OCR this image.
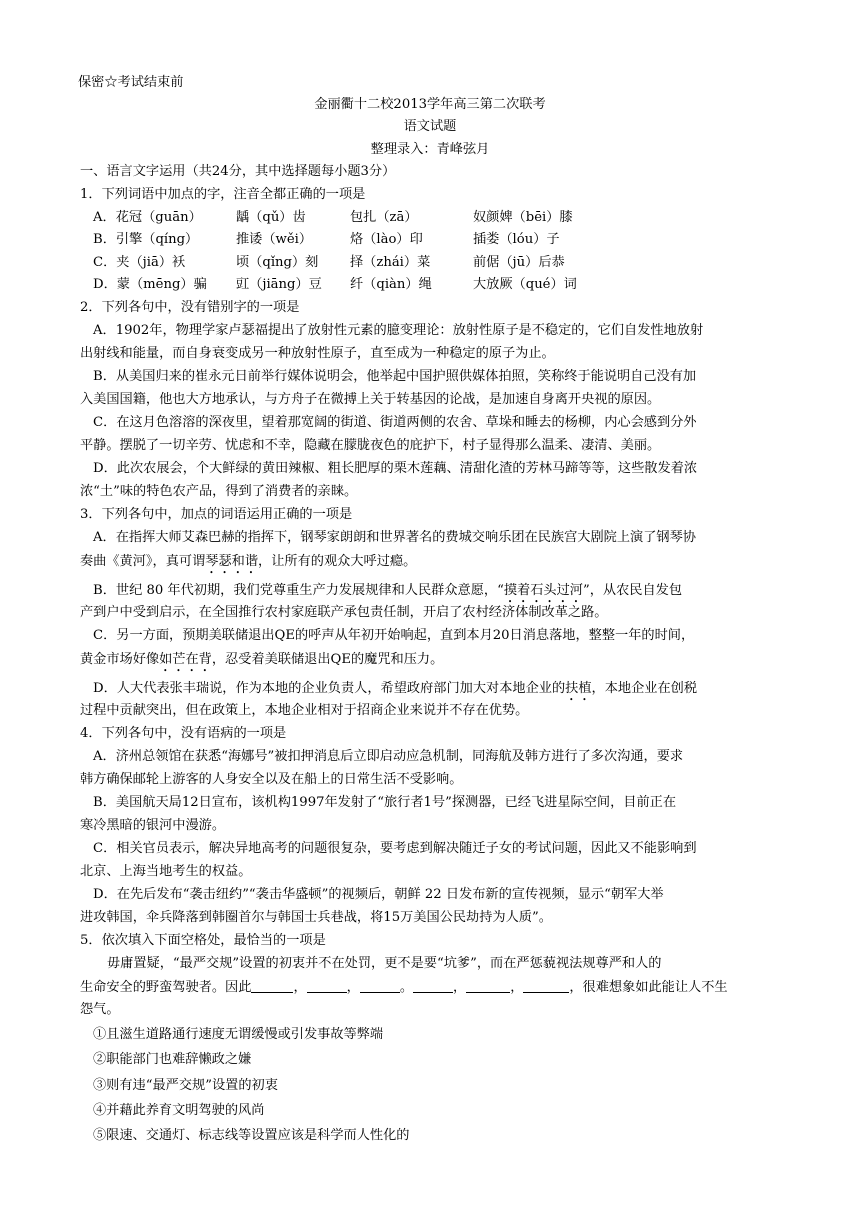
保密☆考试结束前
金丽衢十二校2013学年高三第二次联考
语文试题
整理录入：青峰弦月
一、语言文字运用（共24分，其中选择题每小题3分）
1．下列词语中加点的字，注音全都正确的一项是
A．花冠（guān）	龋（qǔ）齿	包扎（zā）	奴颜婢（bēi）膝
B．引擎（qíng）	推诿（wěi）	烙（lào）印	插娄（lóu）子
C．夹（jiā）袄	顷（qǐng）刻 择（zhái）菜	前倨（jū）后恭
D．蒙（mēng）骗 豇（jiāng）豆 纤（qiàn）绳	大放厥（qué）词
2．下列各句中，没有错别字的一项是
A．1902年，物理学家卢瑟福提出了放射性元素的臆变理论：放射性原子是不稳定的，它们自发性地放射
出射线和能量，而自身衰变成另一种放射性原子，直至成为一种稳定的原子为止。
B．从美国归来的崔永元日前举行媒体说明会，他举起中国护照供媒体拍照，笑称终于能说明自己没有加
入美国国籍，他也大方地承认，与方舟子在微搏上关于转基因的论战，是加速自身离开央视的原因。
C．在这月色溶溶的深夜里，望着那宽阔的街道、街道两侧的农舍、草垛和睡去的杨柳，内心会感到分外
平静。摆脱了一切辛劳、忧虑和不幸，隐藏在朦胧夜色的庇护下，村子显得那么温柔、凄清、美丽。
D．此次农展会，个大鲜绿的黄田辣椒、粗长肥厚的栗木莲藕、清甜化渣的芳林马蹄等等，这些散发着浓
浓“土”味的特色农产品，得到了消费者的亲睐。
3．下列各句中，加点的词语运用正确的一项是
A．在指挥大师艾森巴赫的指挥下，钢琴家朗朗和世界著名的费城交响乐团在民族宫大剧院上演了钢琴协
奏曲《黄河》，真可谓琴瑟和谐，让所有的观众大呼过瘾。
B．世纪 80 年代初期，我们党尊重生产力发展规律和人民群众意愿，“摸着石头过河”，从农民自发包
产到户中受到启示，在全国推行农村家庭联产承包责任制，开启了农村经济体制改革之路。
C．另一方面，预期美联储退出QE的呼声从年初开始响起，直到本月20日消息落地，整整一年的时间，
黄金市场好像如芒在背，忍受着美联储退出QE的魔咒和压力。
D．人大代表张丰瑞说，作为本地的企业负责人，希望政府部门加大对本地企业的扶植，本地企业在创税
过程中贡献突出，但在政策上，本地企业相对于招商企业来说并不存在优势。
4．下列各句中，没有语病的一项是
A．济州总领馆在获悉“海娜号”被扣押消息后立即启动应急机制，同海航及韩方进行了多次沟通，要求
韩方确保邮轮上游客的人身安全以及在船上的日常生活不受影响。
B．美国航天局12日宣布，该机构1997年发射了“旅行者1号”探测器，已经飞进星际空间，目前正在
寒冷黑暗的银河中漫游。
C．相关官员表示，解决异地高考的问题很复杂，要考虑到解决随迁子女的考试问题，因此又不能影响到
北京、上海当地考生的权益。
D．在先后发布“袭击纽约”“袭击华盛顿”的视频后，朝鲜 22 日发布新的宣传视频，显示“朝军大举
进攻韩国，伞兵降落到韩圈首尔与韩国士兵巷战，将15万美国公民劫持为人质”。
5．依次填入下面空格处，最恰当的一项是
毋庸置疑，“最严交规”设置的初衷并不在处罚，更不是要“坑爹”，而在严惩藐视法规尊严和人的
生命安全的野蛮驾驶者。因此	，	，	。	，	，	，很难想象如此能让人不生
怨气。
①且滋生道路通行速度无谓缓慢或引发事故等弊端
②职能部门也难辞懒政之嫌
③则有违“最严交规”设置的初衷
④并藉此养育文明驾驶的风尚
⑤限速、交通灯、标志线等设置应该是科学而人性化的
